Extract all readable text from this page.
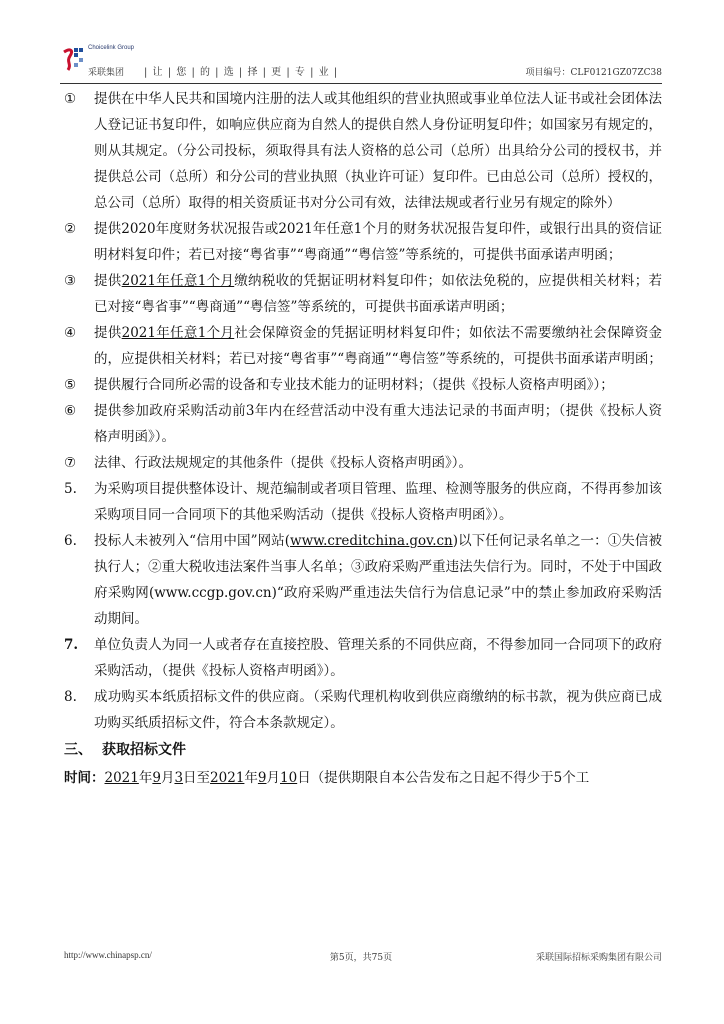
Choicelink Group
采联集团 | 让 | 您 | 的 | 选 | 择 | 更 | 专 | 业 |	项目编号：CLF0121GZ07ZC38
①	提供在中华人民共和国境内注册的法人或其他组织的营业执照或事业单位法人证书或社会团体法人登记证书复印件，如响应供应商为自然人的提供自然人身份证明复印件；如国家另有规定的，则从其规定。（分公司投标，须取得具有法人资格的总公司（总所）出具给分公司的授权书，并提供总公司（总所）和分公司的营业执照（执业许可证）复印件。已由总公司（总所）授权的，总公司（总所）取得的相关资质证书对分公司有效，法律法规或者行业另有规定的除外）
②	提供2020年度财务状况报告或2021年任意1个月的财务状况报告复印件，或银行出具的资信证明材料复印件；若已对接“粤省事”“粤商通”“粤信签”等系统的，可提供书面承诺声明函；
③	提供2021年任意1个月缴纳税收的凭据证明材料复印件；如依法免税的，应提供相关材料；若已对接“粤省事”“粤商通”“粤信签”等系统的，可提供书面承诺声明函；
④	提供2021年任意1个月社会保障资金的凭据证明材料复印件；如依法不需要缴纳社会保障资金的，应提供相关材料；若已对接“粤省事”“粤商通”“粤信签”等系统的，可提供书面承诺声明函；
⑤	提供履行合同所必需的设备和专业技术能力的证明材料；（提供《投标人资格声明函》）；
⑥	提供参加政府采购活动前3年内在经营活动中没有重大违法记录的书面声明；（提供《投标人资格声明函》）。
⑦	法律、行政法规规定的其他条件（提供《投标人资格声明函》）。
5.	为采购项目提供整体设计、规范编制或者项目管理、监理、检测等服务的供应商，不得再参加该采购项目同一合同项下的其他采购活动（提供《投标人资格声明函》）。
6.	投标人未被列入“信用中国”网站(www.creditchina.gov.cn)以下任何记录名单之一：①失信被执行人；②重大税收违法案件当事人名单；③政府采购严重违法失信行为。同时，不处于中国政府采购网(www.ccgp.gov.cn)“政府采购严重违法失信行为信息记录”中的禁止参加政府采购活动期间。
7.	单位负责人为同一人或者存在直接控股、管理关系的不同供应商，不得参加同一合同项下的政府采购活动，（提供《投标人资格声明函》）。
8.	成功购买本纸质招标文件的供应商。（采购代理机构收到供应商缴纳的标书款，视为供应商已成功购买纸质招标文件，符合本条款规定）。
三、 获取招标文件
时间：2021年9月3日至2021年9月10日（提供期限自本公告发布之日起不得少于5个工
http://www.chinapsp.cn/	第5页，共75页	采联国际招标采购集团有限公司
